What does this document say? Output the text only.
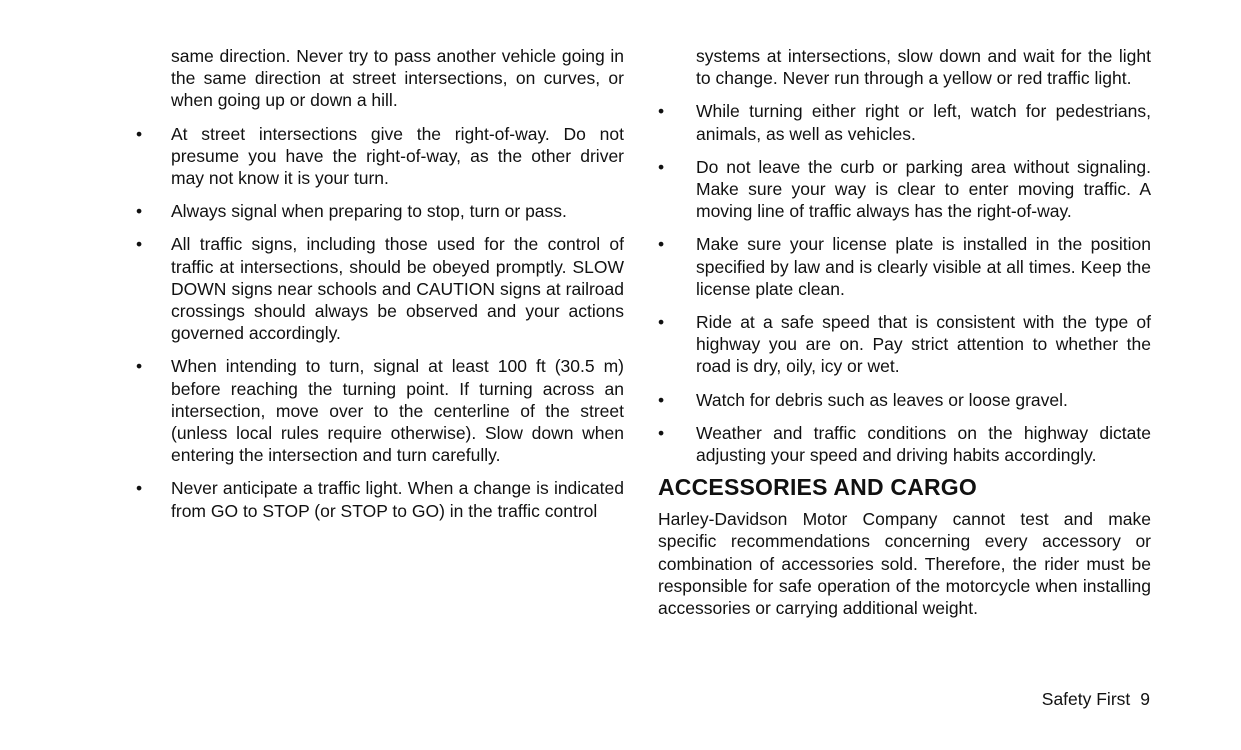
same direction. Never try to pass another vehicle going in the same direction at street intersections, on curves, or when going up or down a hill.

• At street intersections give the right-of-way. Do not presume you have the right-of-way, as the other driver may not know it is your turn.
• Always signal when preparing to stop, turn or pass.
• All traffic signs, including those used for the control of traffic at intersections, should be obeyed promptly. SLOW DOWN signs near schools and CAUTION signs at railroad crossings should always be observed and your actions governed accordingly.
• When intending to turn, signal at least 100 ft (30.5 m) before reaching the turning point. If turning across an intersection, move over to the centerline of the street (unless local rules require otherwise). Slow down when entering the intersection and turn carefully.
• Never anticipate a traffic light. When a change is indicated from GO to STOP (or STOP to GO) in the traffic control

systems at intersections, slow down and wait for the light to change. Never run through a yellow or red traffic light.

• While turning either right or left, watch for pedestrians, animals, as well as vehicles.
• Do not leave the curb or parking area without signaling. Make sure your way is clear to enter moving traffic. A moving line of traffic always has the right-of-way.
• Make sure your license plate is installed in the position specified by law and is clearly visible at all times. Keep the license plate clean.
• Ride at a safe speed that is consistent with the type of highway you are on. Pay strict attention to whether the road is dry, oily, icy or wet.
• Watch for debris such as leaves or loose gravel.
• Weather and traffic conditions on the highway dictate adjusting your speed and driving habits accordingly.
ACCESSORIES AND CARGO

Harley-Davidson Motor Company cannot test and make specific recommendations concerning every accessory or combination of accessories sold. Therefore, the rider must be responsible for safe operation of the motorcycle when installing accessories or carrying additional weight.

Safety First 9
